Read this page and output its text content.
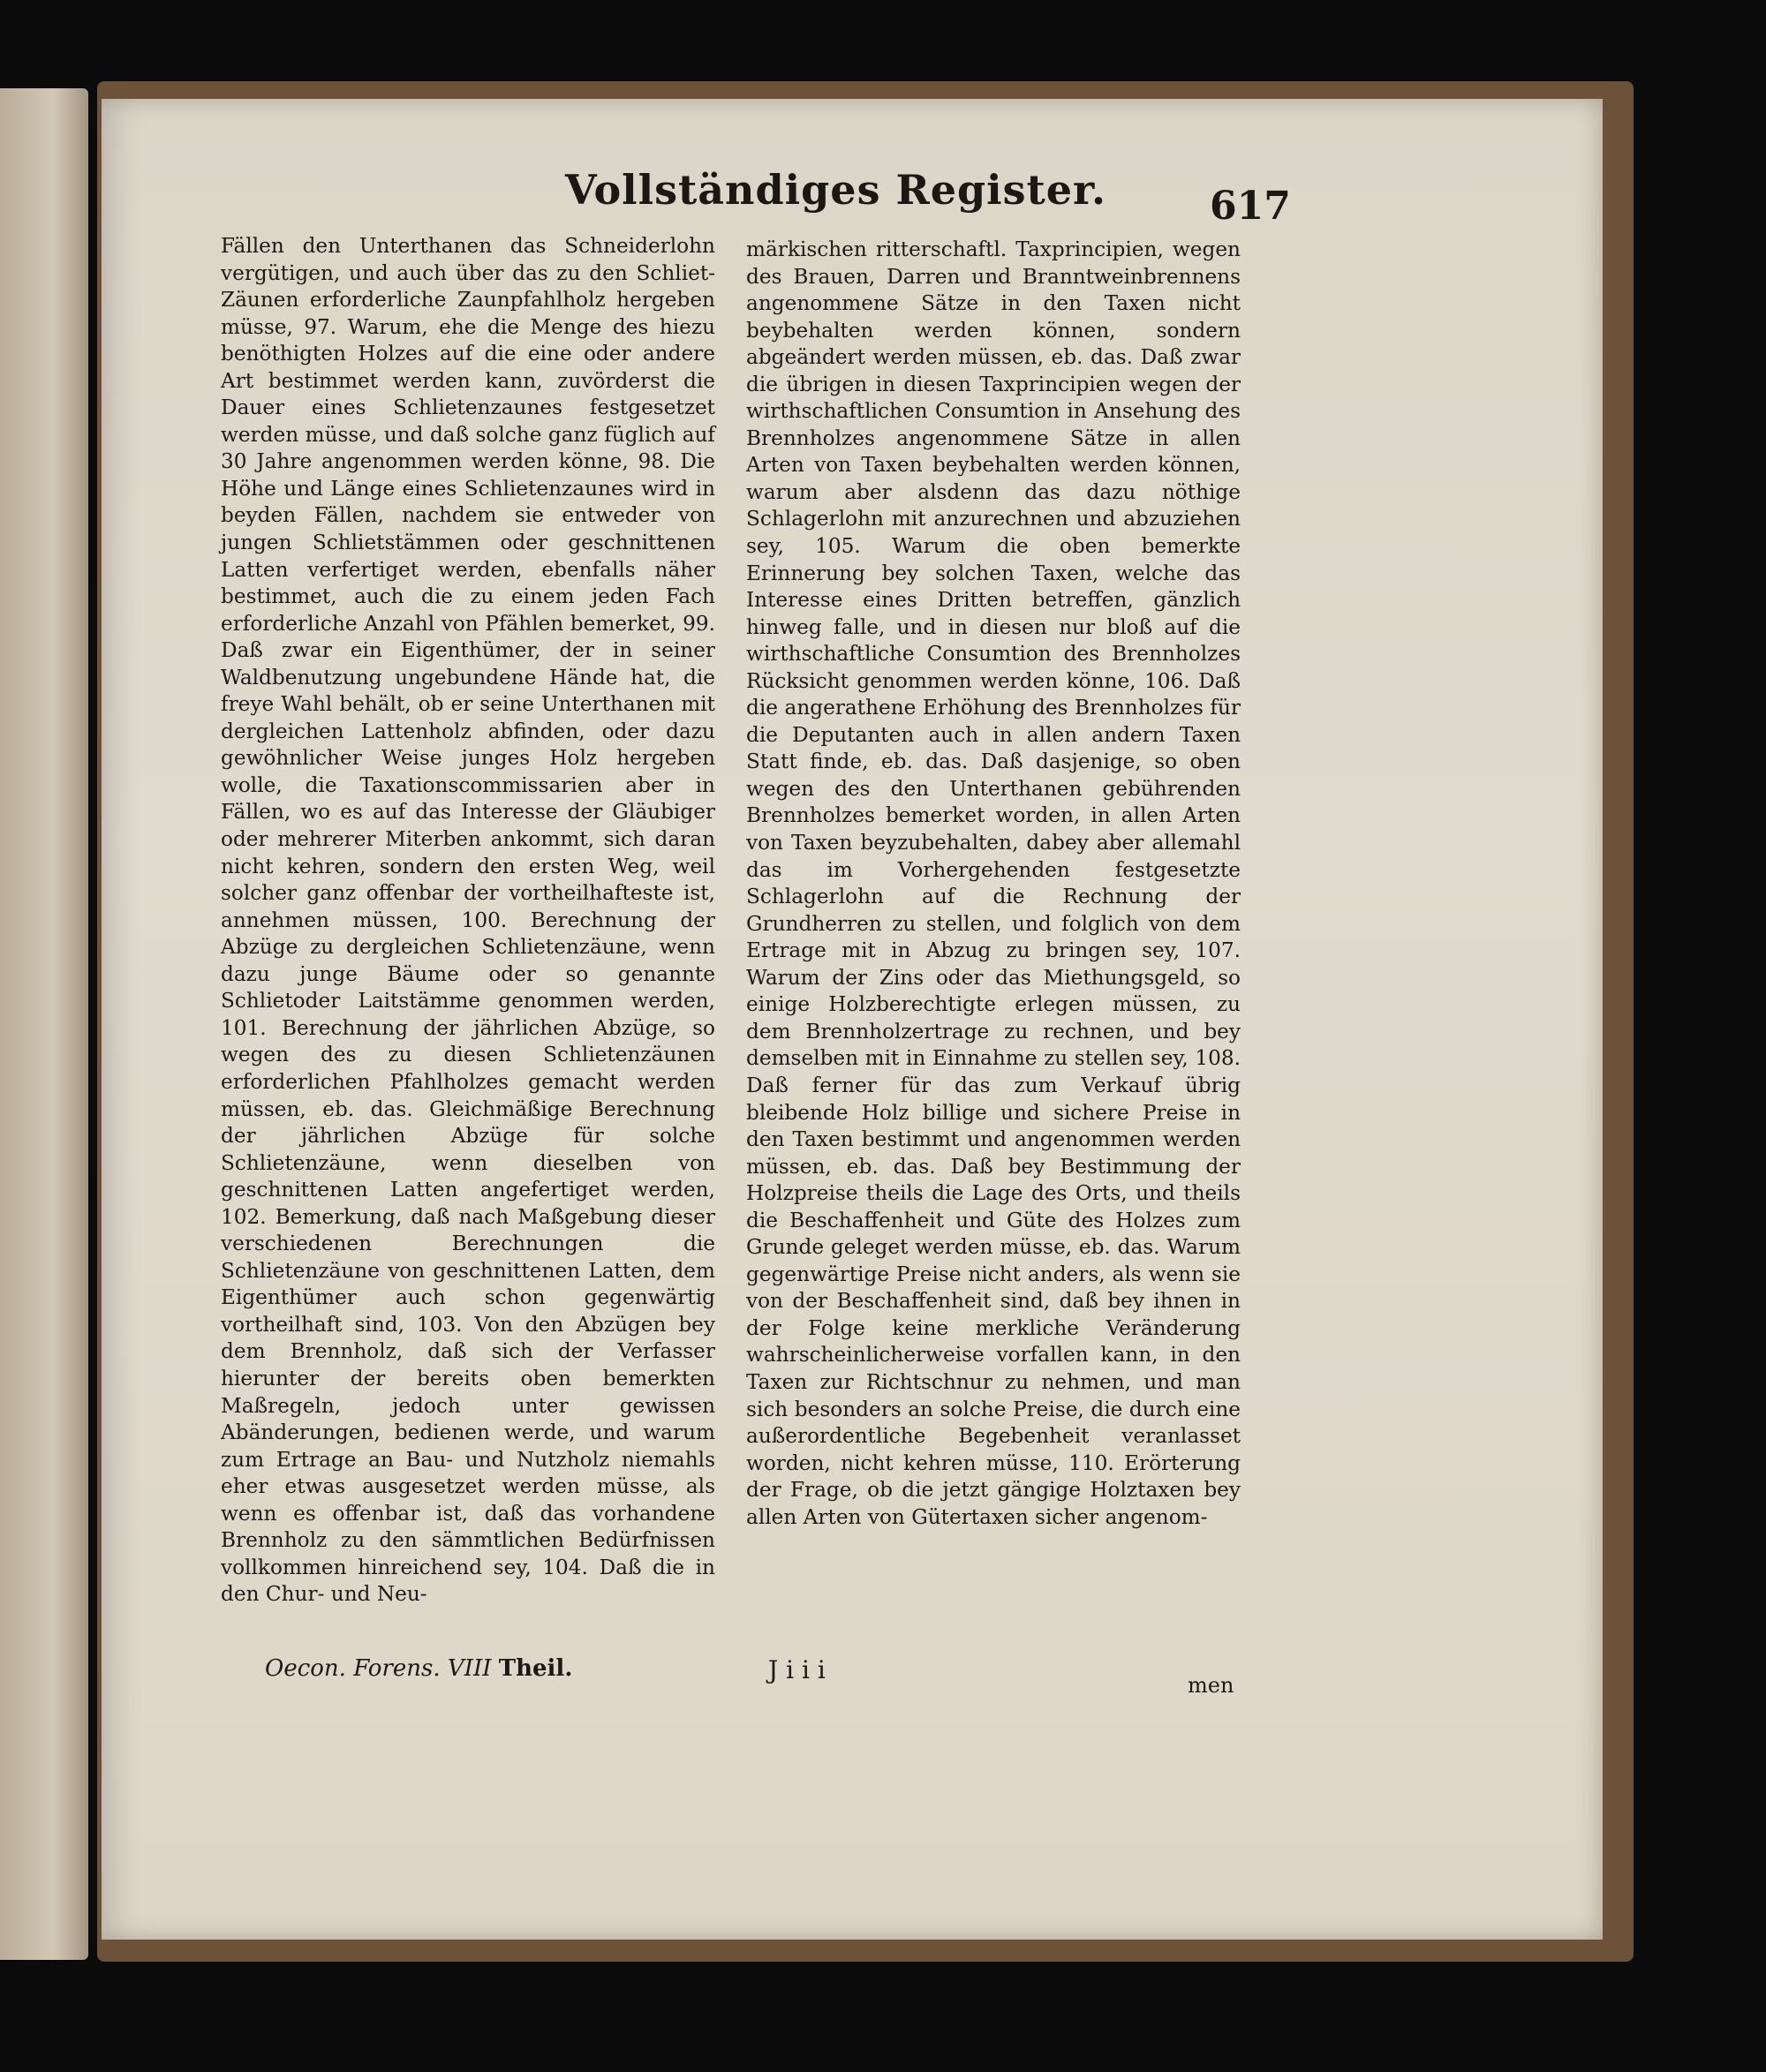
Vollständiges Register.	617
Fällen den Unterthanen das Schneiderlohn vergütigen, und auch über das zu den Schliet-Zäunen erforderliche Zaunpfahlholz hergeben müsse, 97. Warum, ehe die Menge des hiezu benöthigten Holzes auf die eine oder andere Art bestimmet werden kann, zuvörderst die Dauer eines Schlietenzaunes festgesetzet werden müsse, und daß solche ganz füglich auf 30 Jahre angenommen werden könne, 98. Die Höhe und Länge eines Schlietenzaunes wird in beyden Fällen, nachdem sie entweder von jungen Schlietstämmen oder geschnittenen Latten verfertiget werden, ebenfalls näher bestimmet, auch die zu einem jeden Fach erforderliche Anzahl von Pfählen bemerket, 99. Daß zwar ein Eigenthümer, der in seiner Waldbenutzung ungebundene Hände hat, die freye Wahl behält, ob er seine Unterthanen mit dergleichen Lattenholz abfinden, oder dazu gewöhnlicher Weise junges Holz hergeben wolle, die Taxationscommissarien aber in Fällen, wo es auf das Interesse der Gläubiger oder mehrerer Miterben ankommt, sich daran nicht kehren, sondern den ersten Weg, weil solcher ganz offenbar der vortheilhafteste ist, annehmen müssen, 100. Berechnung der Abzüge zu dergleichen Schlietenzäune, wenn dazu junge Bäume oder so genannte Schlietoder Laitstämme genommen werden, 101. Berechnung der jährlichen Abzüge, so wegen des zu diesen Schlietenzäunen erforderlichen Pfahlholzes gemacht werden müssen, eb. das. Gleichmäßige Berechnung der jährlichen Abzüge für solche Schlietenzäune, wenn dieselben von geschnittenen Latten angefertiget werden, 102. Bemerkung, daß nach Maßgebung dieser verschiedenen Berechnungen die Schlietenzäune von geschnittenen Latten, dem Eigenthümer auch schon gegenwärtig vortheilhaft sind, 103. Von den Abzügen bey dem Brennholz, daß sich der Verfasser hierunter der bereits oben bemerkten Maßregeln, jedoch unter gewissen Abänderungen, bedienen werde, und warum zum Ertrage an Bau- und Nutzholz niemahls eher etwas ausgesetzet werden müsse, als wenn es offenbar ist, daß das vorhandene Brennholz zu den sämmtlichen Bedürfnissen vollkommen hinreichend sey, 104. Daß die in den Chur- und Neu-
märkischen ritterschaftl. Taxprincipien, wegen des Brauen, Darren und Branntweinbrennens angenommene Sätze in den Taxen nicht beybehalten werden können, sondern abgeändert werden müssen, eb. das. Daß zwar die übrigen in diesen Taxprincipien wegen der wirthschaftlichen Consumtion in Ansehung des Brennholzes angenommene Sätze in allen Arten von Taxen beybehalten werden können, warum aber alsdenn das dazu nöthige Schlagerlohn mit anzurechnen und abzuziehen sey, 105. Warum die oben bemerkte Erinnerung bey solchen Taxen, welche das Interesse eines Dritten betreffen, gänzlich hinweg falle, und in diesen nur bloß auf die wirthschaftliche Consumtion des Brennholzes Rücksicht genommen werden könne, 106. Daß die angerathene Erhöhung des Brennholzes für die Deputanten auch in allen andern Taxen Statt finde, eb. das. Daß dasjenige, so oben wegen des den Unterthanen gebührenden Brennholzes bemerket worden, in allen Arten von Taxen beyzubehalten, dabey aber allemahl das im Vorhergehenden festgesetzte Schlagerlohn auf die Rechnung der Grundherren zu stellen, und folglich von dem Ertrage mit in Abzug zu bringen sey, 107. Warum der Zins oder das Miethungsgeld, so einige Holzberechtigte erlegen müssen, zu dem Brennholzertrage zu rechnen, und bey demselben mit in Einnahme zu stellen sey, 108. Daß ferner für das zum Verkauf übrig bleibende Holz billige und sichere Preise in den Taxen bestimmt und angenommen werden müssen, eb. das. Daß bey Bestimmung der Holzpreise theils die Lage des Orts, und theils die Beschaffenheit und Güte des Holzes zum Grunde geleget werden müsse, eb. das. Warum gegenwärtige Preise nicht anders, als wenn sie von der Beschaffenheit sind, daß bey ihnen in der Folge keine merkliche Veränderung wahrscheinlicherweise vorfallen kann, in den Taxen zur Richtschnur zu nehmen, und man sich besonders an solche Preise, die durch eine außerordentliche Begebenheit veranlasset worden, nicht kehren müsse, 110. Erörterung der Frage, ob die jetzt gängige Holztaxen bey allen Arten von Gütertaxen sicher angenom-
Oecon. Forens. VIII Theil.	J i i i
men
